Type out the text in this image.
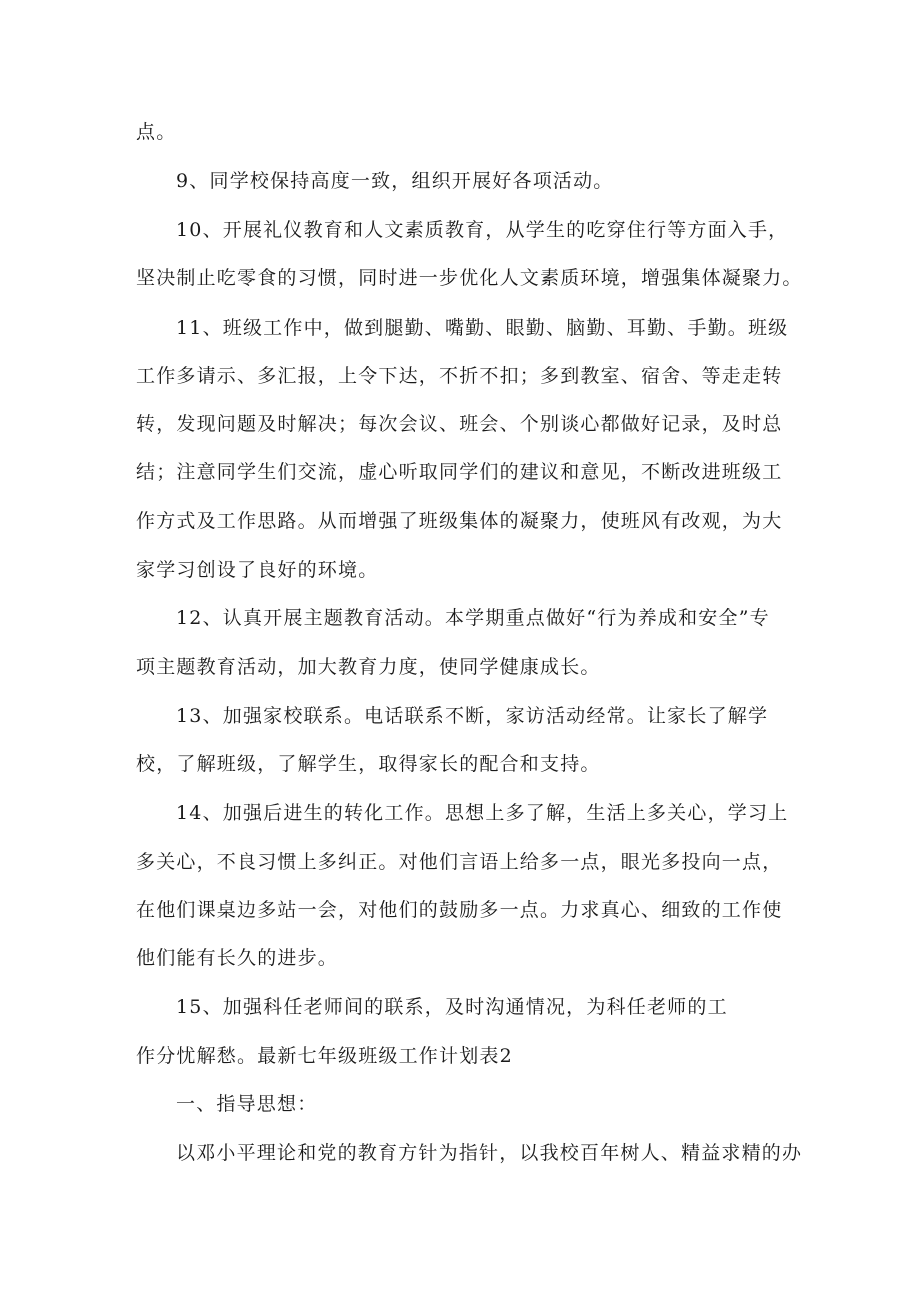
点。
9、同学校保持高度一致，组织开展好各项活动。
10、开展礼仪教育和人文素质教育，从学生的吃穿住行等方面入手，
坚决制止吃零食的习惯，同时进一步优化人文素质环境，增强集体凝聚力。
11、班级工作中，做到腿勤、嘴勤、眼勤、脑勤、耳勤、手勤。班级
工作多请示、多汇报，上令下达，不折不扣；多到教室、宿舍、等走走转
转，发现问题及时解决；每次会议、班会、个别谈心都做好记录，及时总
结；注意同学生们交流，虚心听取同学们的建议和意见，不断改进班级工
作方式及工作思路。从而增强了班级集体的凝聚力，使班风有改观，为大
家学习创设了良好的环境。
12、认真开展主题教育活动。本学期重点做好“行为养成和安全”专
项主题教育活动，加大教育力度，使同学健康成长。
13、加强家校联系。电话联系不断，家访活动经常。让家长了解学
校，了解班级，了解学生，取得家长的配合和支持。
14、加强后进生的转化工作。思想上多了解，生活上多关心，学习上
多关心，不良习惯上多纠正。对他们言语上给多一点，眼光多投向一点，
在他们课桌边多站一会，对他们的鼓励多一点。力求真心、细致的工作使
他们能有长久的进步。
15、加强科任老师间的联系，及时沟通情况，为科任老师的工
作分忧解愁。最新七年级班级工作计划表2
一、指导思想：
以邓小平理论和党的教育方针为指针，以我校百年树人、精益求精的办
